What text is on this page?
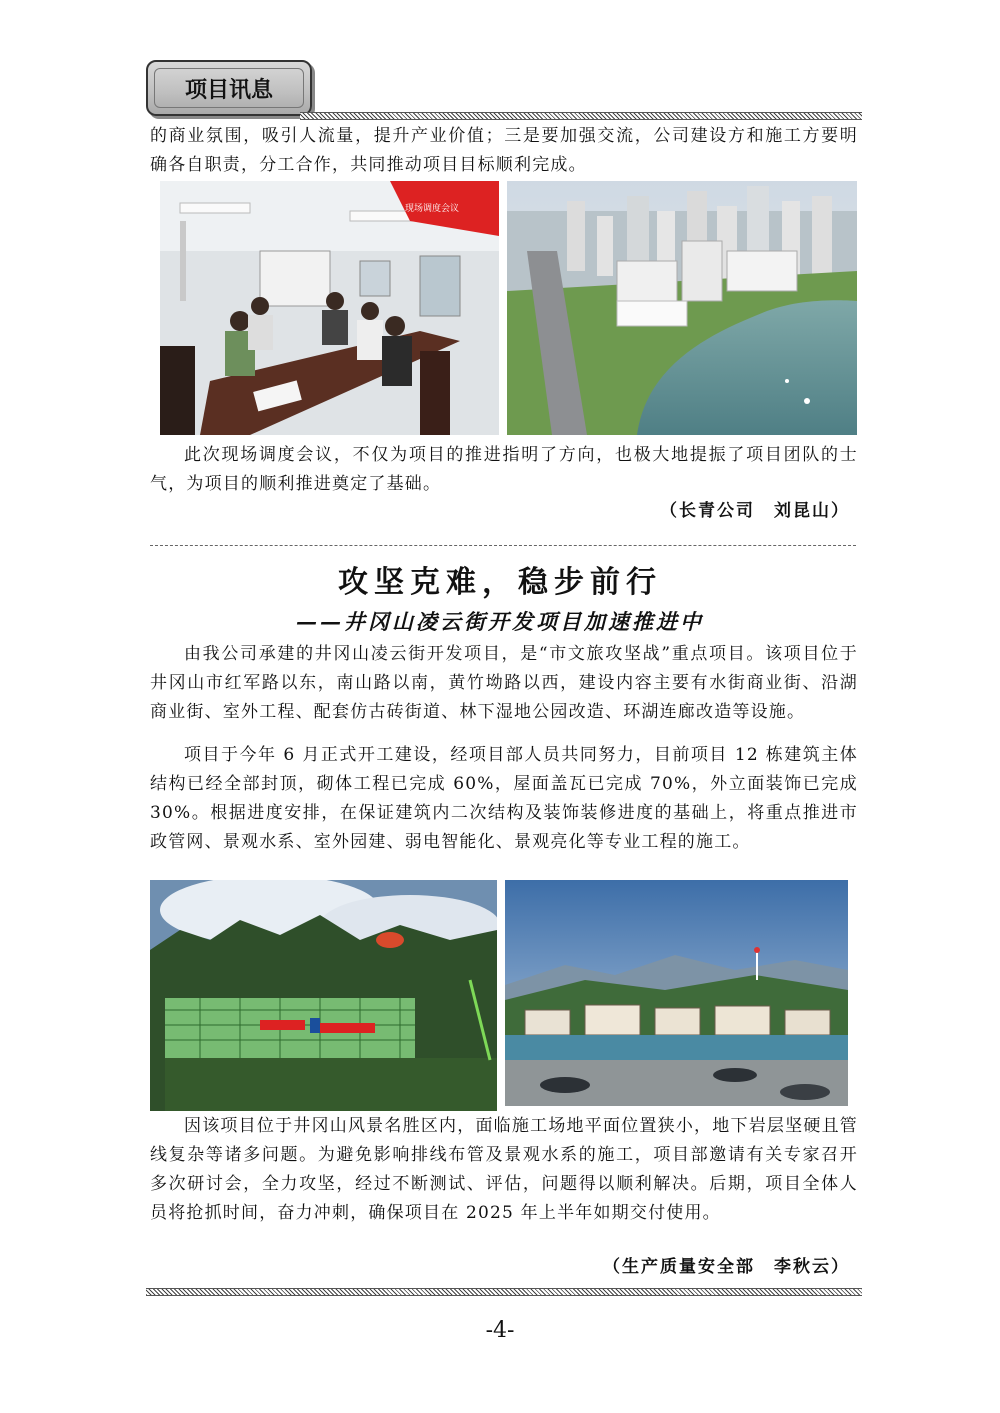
项目讯息

的商业氛围，吸引人流量，提升产业价值；三是要加强交流，公司建设方和施工方要明确各自职责，分工合作，共同推动项目目标顺利完成。

现场调度会议

此次现场调度会议，不仅为项目的推进指明了方向，也极大地提振了项目团队的士气，为项目的顺利推进奠定了基础。

（长青公司　刘昆山）
攻坚克难，稳步前行
——井冈山凌云街开发项目加速推进中

由我公司承建的井冈山凌云街开发项目，是“市文旅攻坚战”重点项目。该项目位于井冈山市红军路以东，南山路以南，黄竹坳路以西，建设内容主要有水街商业街、沿湖商业街、室外工程、配套仿古砖街道、林下湿地公园改造、环湖连廊改造等设施。

项目于今年 6 月正式开工建设，经项目部人员共同努力，目前项目 12 栋建筑主体结构已经全部封顶，砌体工程已完成 60%，屋面盖瓦已完成 70%，外立面装饰已完成 30%。根据进度安排，在保证建筑内二次结构及装饰装修进度的基础上，将重点推进市政管网、景观水系、室外园建、弱电智能化、景观亮化等专业工程的施工。

因该项目位于井冈山风景名胜区内，面临施工场地平面位置狭小，地下岩层坚硬且管线复杂等诸多问题。为避免影响排线布管及景观水系的施工，项目部邀请有关专家召开多次研讨会，全力攻坚，经过不断测试、评估，问题得以顺利解决。后期，项目全体人员将抢抓时间，奋力冲刺，确保项目在 2025 年上半年如期交付使用。

（生产质量安全部　李秋云）
-4-
